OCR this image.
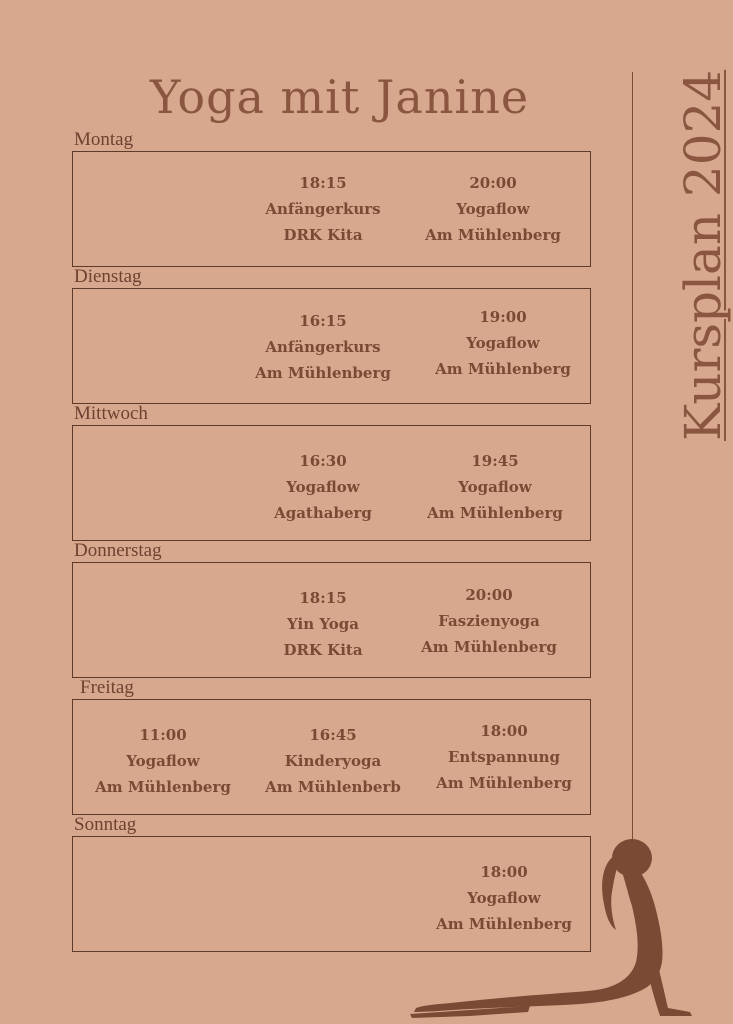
Yoga mit Janine	Kursplan 2024
Montag
18:15
Anfängerkurs
DRK Kita
20:00
Yogaflow
Am Mühlenberg
Dienstag
16:15
Anfängerkurs
Am Mühlenberg
19:00
Yogaflow
Am Mühlenberg
Mittwoch
16:30
Yogaflow
Agathaberg
19:45
Yogaflow
Am Mühlenberg
Donnerstag
18:15
Yin Yoga
DRK Kita
20:00
Faszienyoga
Am Mühlenberg
Freitag
11:00
Yogaflow
Am Mühlenberg
16:45
Kinderyoga
Am Mühlenberb
18:00
Entspannung
Am Mühlenberg
Sonntag
18:00
Yogaflow
Am Mühlenberg
